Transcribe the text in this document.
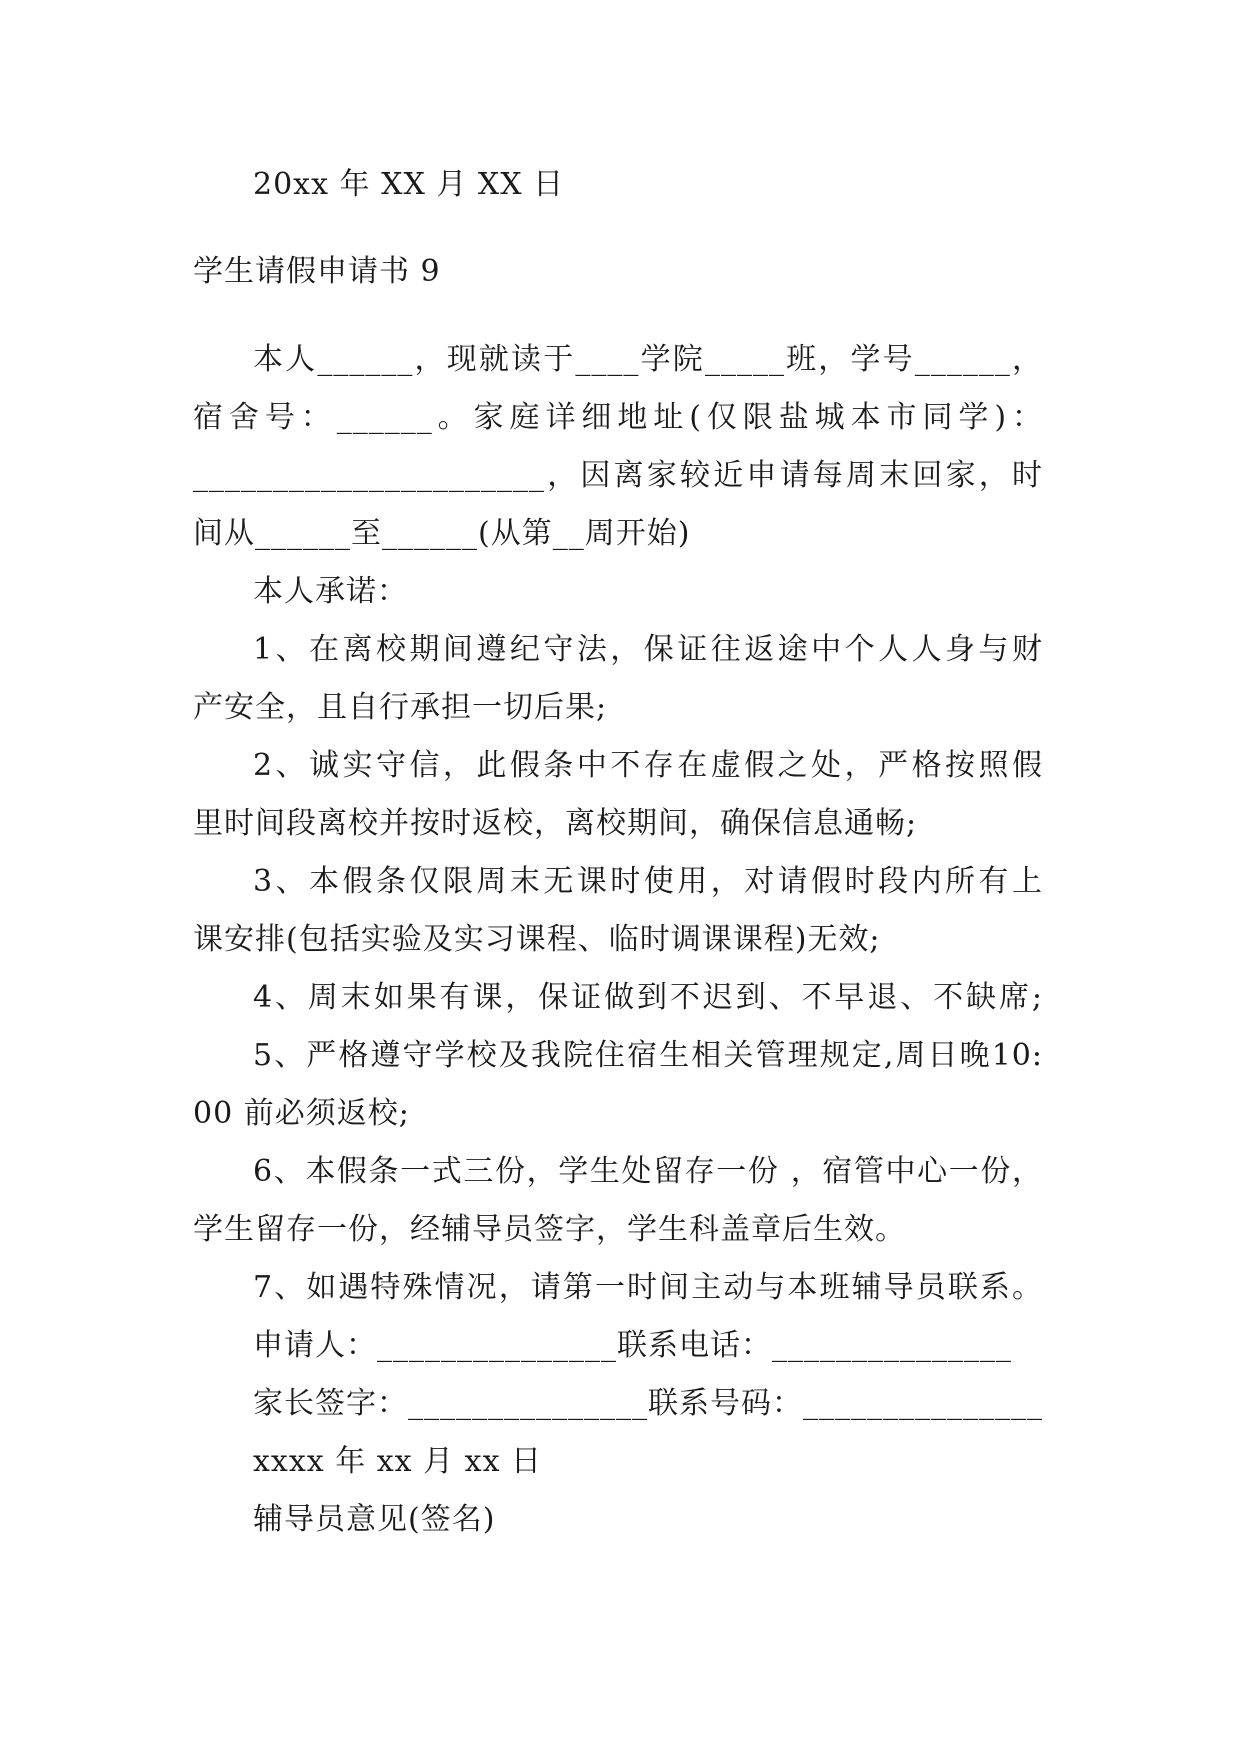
20xx 年 XX 月 XX 日
学生请假申请书 9
本人______，现就读于____学院_____班，学号______，
宿舍号：______。家庭详细地址(仅限盐城本市同学)：
______________________，因离家较近申请每周末回家，时
间从______至______(从第__周开始)
本人承诺：
1、在离校期间遵纪守法，保证往返途中个人人身与财
产安全，且自行承担一切后果;
2、诚实守信，此假条中不存在虚假之处，严格按照假
里时间段离校并按时返校，离校期间，确保信息通畅;
3、本假条仅限周末无课时使用，对请假时段内所有上
课安排(包括实验及实习课程、临时调课课程)无效;
4、周末如果有课，保证做到不迟到、不早退、不缺席;
5、严格遵守学校及我院住宿生相关管理规定,周日晚10:
00 前必须返校;
6、本假条一式三份，学生处留存一份 ，宿管中心一份，
学生留存一份，经辅导员签字，学生科盖章后生效。
7、如遇特殊情况，请第一时间主动与本班辅导员联系。
申请人：_______________联系电话：_______________
家长签字：_______________联系号码：_______________
xxxx 年 xx 月 xx 日
辅导员意见(签名)
